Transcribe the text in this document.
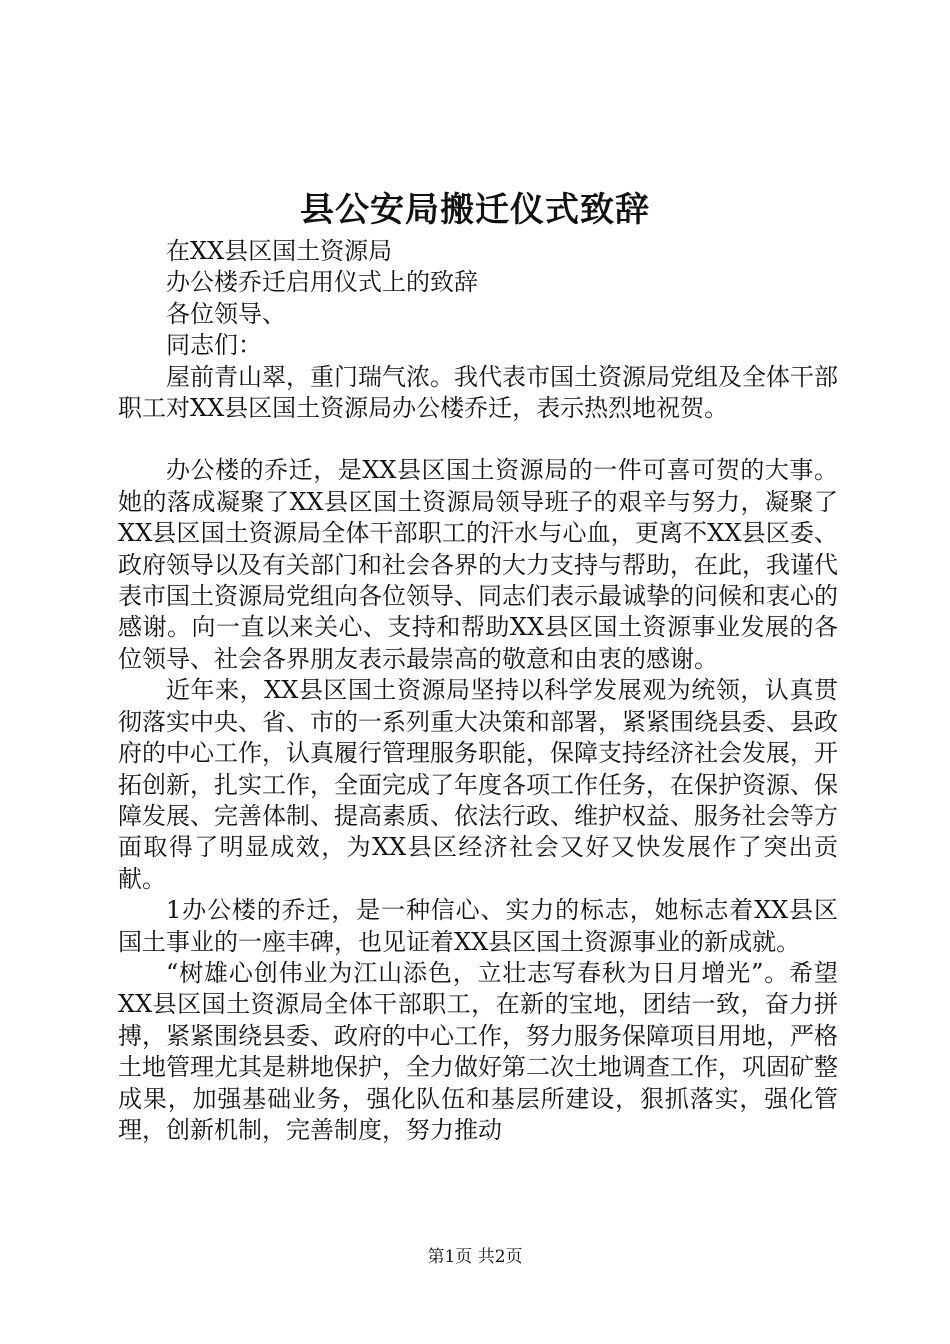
县公安局搬迁仪式致辞

在XX县区国土资源局

办公楼乔迁启用仪式上的致辞

各位领导、

同志们：

屋前青山翠，重门瑞气浓。我代表市国土资源局党组及全体干部职工对XX县区国土资源局办公楼乔迁，表示热烈地祝贺。

办公楼的乔迁，是XX县区国土资源局的一件可喜可贺的大事。她的落成凝聚了XX县区国土资源局领导班子的艰辛与努力，凝聚了XX县区国土资源局全体干部职工的汗水与心血，更离不XX县区委、政府领导以及有关部门和社会各界的大力支持与帮助，在此，我谨代表市国土资源局党组向各位领导、同志们表示最诚挚的问候和衷心的感谢。向一直以来关心、支持和帮助XX县区国土资源事业发展的各位领导、社会各界朋友表示最崇高的敬意和由衷的感谢。

近年来，XX县区国土资源局坚持以科学发展观为统领，认真贯彻落实中央、省、市的一系列重大决策和部署，紧紧围绕县委、县政府的中心工作，认真履行管理服务职能，保障支持经济社会发展，开拓创新，扎实工作，全面完成了年度各项工作任务，在保护资源、保障发展、完善体制、提高素质、依法行政、维护权益、服务社会等方面取得了明显成效，为XX县区经济社会又好又快发展作了突出贡献。

1办公楼的乔迁，是一种信心、实力的标志，她标志着XX县区国土事业的一座丰碑，也见证着XX县区国土资源事业的新成就。

“树雄心创伟业为江山添色，立壮志写春秋为日月增光”。希望XX县区国土资源局全体干部职工，在新的宝地，团结一致，奋力拼搏，紧紧围绕县委、政府的中心工作，努力服务保障项目用地，严格土地管理尤其是耕地保护，全力做好第二次土地调查工作，巩固矿整成果，加强基础业务，强化队伍和基层所建设，狠抓落实，强化管理，创新机制，完善制度，努力推动

第1页 共2页
